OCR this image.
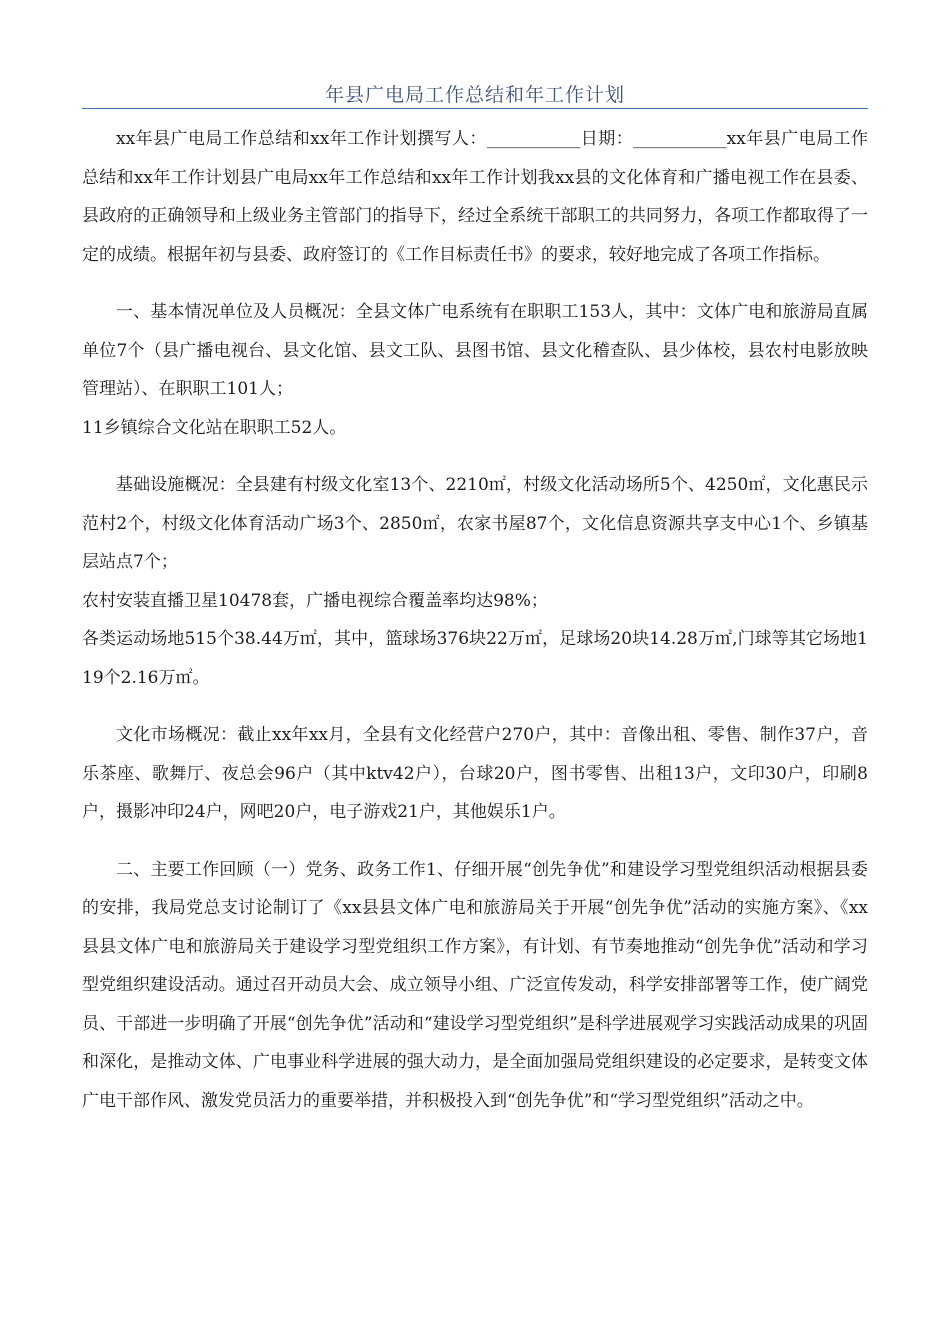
年县广电局工作总结和年工作计划

xx年县广电局工作总结和xx年工作计划撰写人：___________日期：___________xx年县广电局工作总结和xx年工作计划县广电局xx年工作总结和xx年工作计划我xx县的文化体育和广播电视工作在县委、县政府的正确领导和上级业务主管部门的指导下，经过全系统干部职工的共同努力，各项工作都取得了一定的成绩。根据年初与县委、政府签订的《工作目标责任书》的要求，较好地完成了各项工作指标。

一、基本情况单位及人员概况：全县文体广电系统有在职职工153人，其中：文体广电和旅游局直属单位7个（县广播电视台、县文化馆、县文工队、县图书馆、县文化稽查队、县少体校，县农村电影放映管理站）、在职职工101人；

11乡镇综合文化站在职职工52人。

基础设施概况：全县建有村级文化室13个、2210㎡，村级文化活动场所5个、4250㎡，文化惠民示范村2个，村级文化体育活动广场3个、2850㎡，农家书屋87个，文化信息资源共享支中心1个、乡镇基层站点7个；

农村安装直播卫星10478套，广播电视综合覆盖率均达98%；

各类运动场地515个38.44万㎡，其中，篮球场376块22万㎡，足球场20块14.28万㎡,门球等其它场地119个2.16万㎡。

文化市场概况：截止xx年xx月，全县有文化经营户270户，其中：音像出租、零售、制作37户，音乐茶座、歌舞厅、夜总会96户（其中ktv42户），台球20户，图书零售、出租13户，文印30户，印刷8户，摄影冲印24户，网吧20户，电子游戏21户，其他娱乐1户。

二、主要工作回顾（一）党务、政务工作1、仔细开展“创先争优”和建设学习型党组织活动根据县委的安排，我局党总支讨论制订了《xx县县文体广电和旅游局关于开展“创先争优”活动的实施方案》、《xx县县文体广电和旅游局关于建设学习型党组织工作方案》，有计划、有节奏地推动“创先争优”活动和学习型党组织建设活动。通过召开动员大会、成立领导小组、广泛宣传发动，科学安排部署等工作，使广阔党员、干部进一步明确了开展“创先争优”活动和“建设学习型党组织”是科学进展观学习实践活动成果的巩固和深化，是推动文体、广电事业科学进展的强大动力，是全面加强局党组织建设的必定要求，是转变文体广电干部作风、激发党员活力的重要举措，并积极投入到“创先争优”和“学习型党组织”活动之中。
